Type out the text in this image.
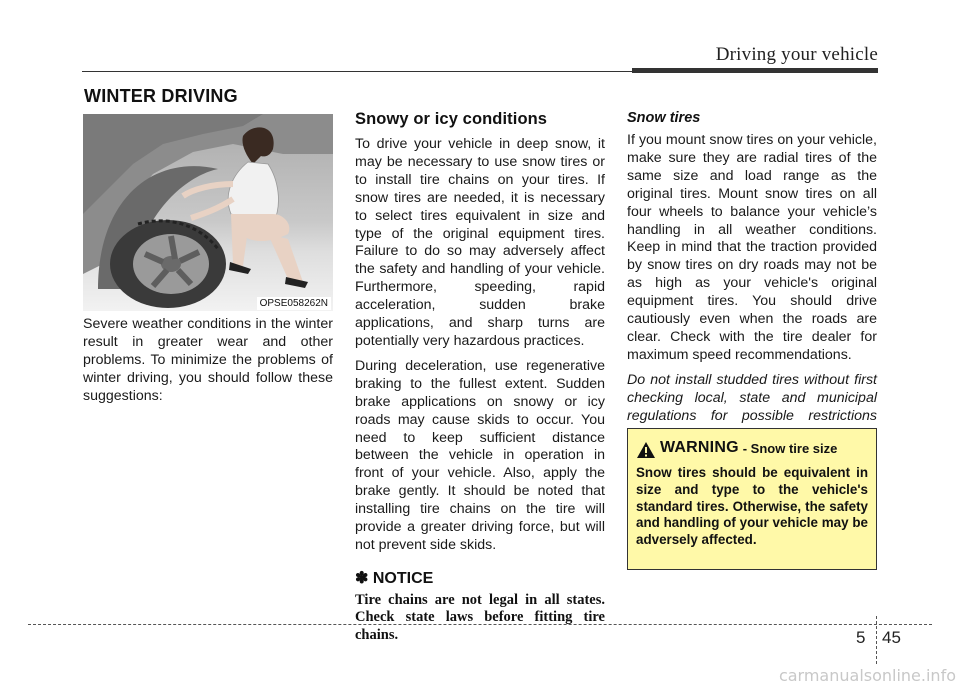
Driving your vehicle
WINTER DRIVING
OPSE058262N
Severe weather conditions in the winter result in greater wear and other problems. To minimize the problems of winter driving, you should follow these suggestions:
Snowy or icy conditions
To drive your vehicle in deep snow, it may be necessary to use snow tires or to install tire chains on your tires. If snow tires are needed, it is necessary to select tires equivalent in size and type of the original equipment tires. Failure to do so may adversely affect the safety and handling of your vehicle. Furthermore, speeding, rapid acceleration, sudden brake applications, and sharp turns are potentially very hazardous practices.
During deceleration, use regenerative braking to the fullest extent. Sudden brake applications on snowy or icy roads may cause skids to occur. You need to keep sufficient distance between the vehicle in operation in front of your vehicle. Also, apply the brake gently. It should be noted that installing tire chains on the tire will provide a greater driving force, but will not prevent side skids.
✽ NOTICE
Tire chains are not legal in all states. Check state laws before fitting tire chains.
Snow tires
If you mount snow tires on your vehicle, make sure they are radial tires of the same size and load range as the original tires. Mount snow tires on all four wheels to balance your vehicle’s handling in all weather conditions. Keep in mind that the traction provided by snow tires on dry roads may not be as high as your vehicle's original equipment tires. You should drive cautiously even when the roads are clear. Check with the tire dealer for maximum speed recommendations.
Do not install studded tires without first checking local, state and municipal regulations for possible restrictions
WARNING - Snow tire size
Snow tires should be equivalent in size and type to the vehicle's standard tires. Otherwise, the safety and handling of your vehicle may be adversely affected.
5 45
carmanualsonline.info
